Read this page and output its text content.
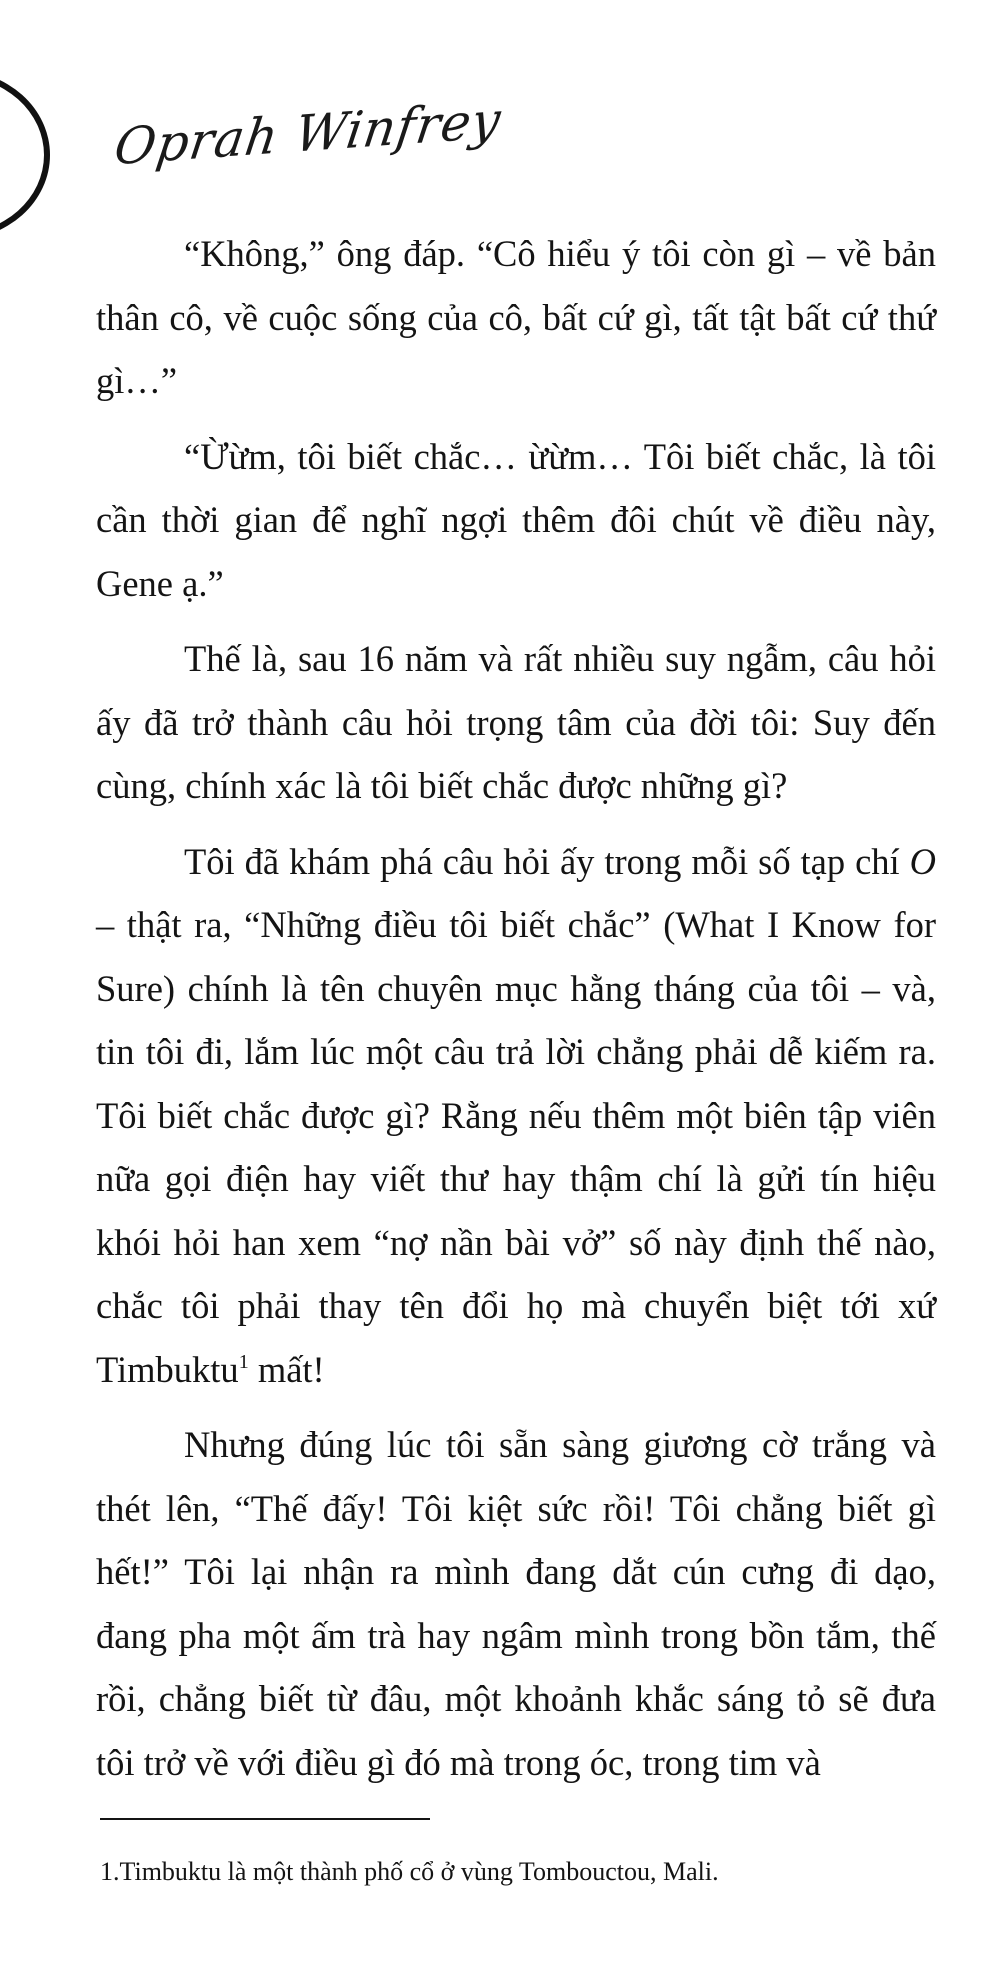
Oprah Winfrey

“Không,” ông đáp. “Cô hiểu ý tôi còn gì – về bản thân cô, về cuộc sống của cô, bất cứ gì, tất tật bất cứ thứ gì…”

“Ừừm, tôi biết chắc… ừừm… Tôi biết chắc, là tôi cần thời gian để nghĩ ngợi thêm đôi chút về điều này, Gene ạ.”

Thế là, sau 16 năm và rất nhiều suy ngẫm, câu hỏi ấy đã trở thành câu hỏi trọng tâm của đời tôi: Suy đến cùng, chính xác là tôi biết chắc được những gì?

Tôi đã khám phá câu hỏi ấy trong mỗi số tạp chí O – thật ra, “Những điều tôi biết chắc” (What I Know for Sure) chính là tên chuyên mục hằng tháng của tôi – và, tin tôi đi, lắm lúc một câu trả lời chẳng phải dễ kiếm ra. Tôi biết chắc được gì? Rằng nếu thêm một biên tập viên nữa gọi điện hay viết thư hay thậm chí là gửi tín hiệu khói hỏi han xem “nợ nần bài vở” số này định thế nào, chắc tôi phải thay tên đổi họ mà chuyển biệt tới xứ Timbuktu$^1$ mất!

Nhưng đúng lúc tôi sẵn sàng giương cờ trắng và thét lên, “Thế đấy! Tôi kiệt sức rồi! Tôi chẳng biết gì hết!” Tôi lại nhận ra mình đang dắt cún cưng đi dạo, đang pha một ấm trà hay ngâm mình trong bồn tắm, thế rồi, chẳng biết từ đâu, một khoảnh khắc sáng tỏ sẽ đưa tôi trở về với điều gì đó mà trong óc, trong tim và

1.Timbuktu là một thành phố cổ ở vùng Tombouctou, Mali.
